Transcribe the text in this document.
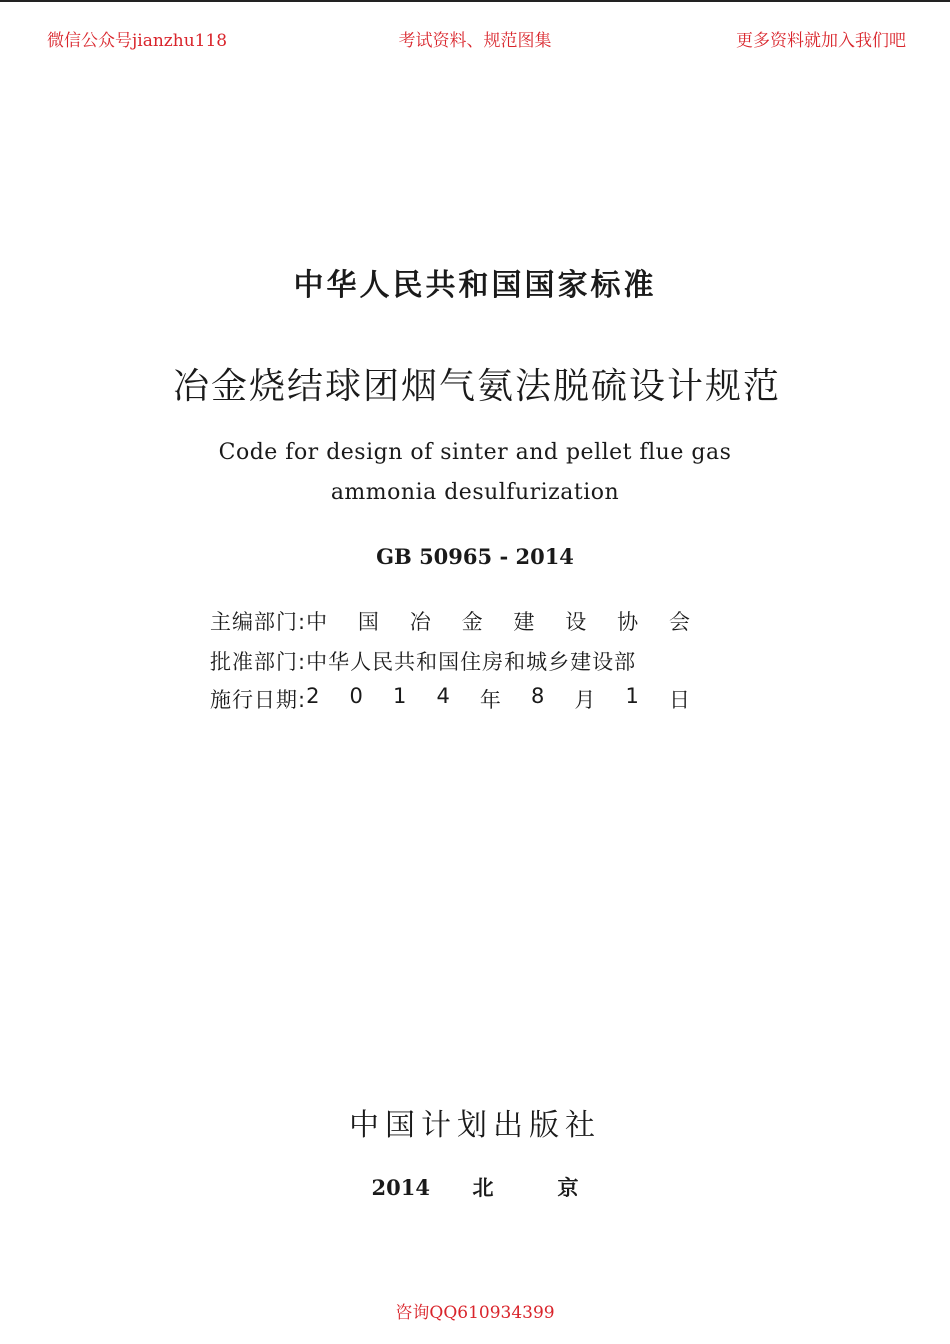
微信公众号jianzhu118	考试资料、规范图集	更多资料就加入我们吧
中华人民共和国国家标准
冶金烧结球团烟气氨法脱硫设计规范
Code for design of sinter and pellet flue gas
ammonia desulfurization
GB 50965 - 2014
主编部门: 中 国 冶 金 建 设 协 会
批准部门: 中华人民共和国住房和城乡建设部
施行日期: 2 0 1 4 年 8 月 1 日
中国计划出版社
2014  北   京
咨询QQ610934399
